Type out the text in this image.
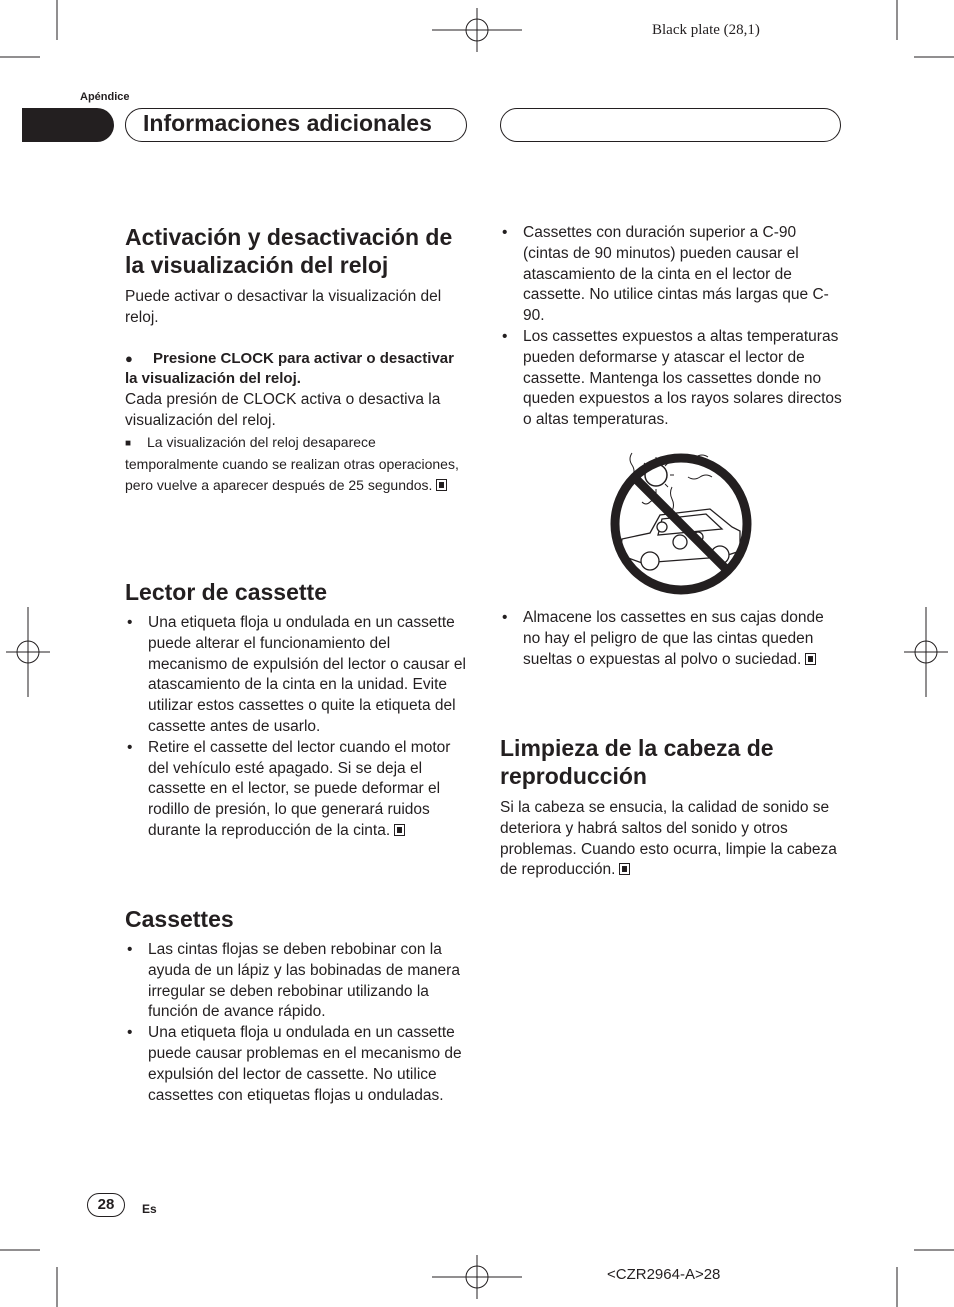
Black plate (28,1)
Apéndice
Informaciones adicionales
Activación y desactivación de la visualización del reloj

Puede activar o desactivar la visualización del reloj.

● Presione CLOCK para activar o desactivar la visualización del reloj.

Cada presión de CLOCK activa o desactiva la visualización del reloj.

■ La visualización del reloj desaparece temporalmente cuando se realizan otras operaciones, pero vuelve a aparecer después de 25 segundos.
Lector de cassette
• Una etiqueta floja u ondulada en un cassette puede alterar el funcionamiento del mecanismo de expulsión del lector o causar el atascamiento de la cinta en la unidad. Evite utilizar estos cassettes o quite la etiqueta del cassette antes de usarlo.
• Retire el cassette del lector cuando el motor del vehículo esté apagado. Si se deja el cassette en el lector, se puede deformar el rodillo de presión, lo que generará ruidos durante la reproducción de la cinta.
Cassettes
• Las cintas flojas se deben rebobinar con la ayuda de un lápiz y las bobinadas de manera irregular se deben rebobinar utilizando la función de avance rápido.
• Una etiqueta floja u ondulada en un cassette puede causar problemas en el mecanismo de expulsión del lector de cassette. No utilice cassettes con etiquetas flojas u onduladas.
• Cassettes con duración superior a C-90 (cintas de 90 minutos) pueden causar el atascamiento de la cinta en el lector de cassette. No utilice cintas más largas que C-90.
• Los cassettes expuestos a altas temperaturas pueden deformarse y atascar el lector de cassette. Mantenga los cassettes donde no queden expuestos a los rayos solares directos o altas temperaturas.
• Almacene los cassettes en sus cajas donde no hay el peligro de que las cintas queden sueltas o expuestas al polvo o suciedad.
Limpieza de la cabeza de reproducción

Si la cabeza se ensucia, la calidad de sonido se deteriora y habrá saltos del sonido y otros problemas. Cuando esto ocurra, limpie la cabeza de reproducción.

28	Es
<CZR2964-A>28
